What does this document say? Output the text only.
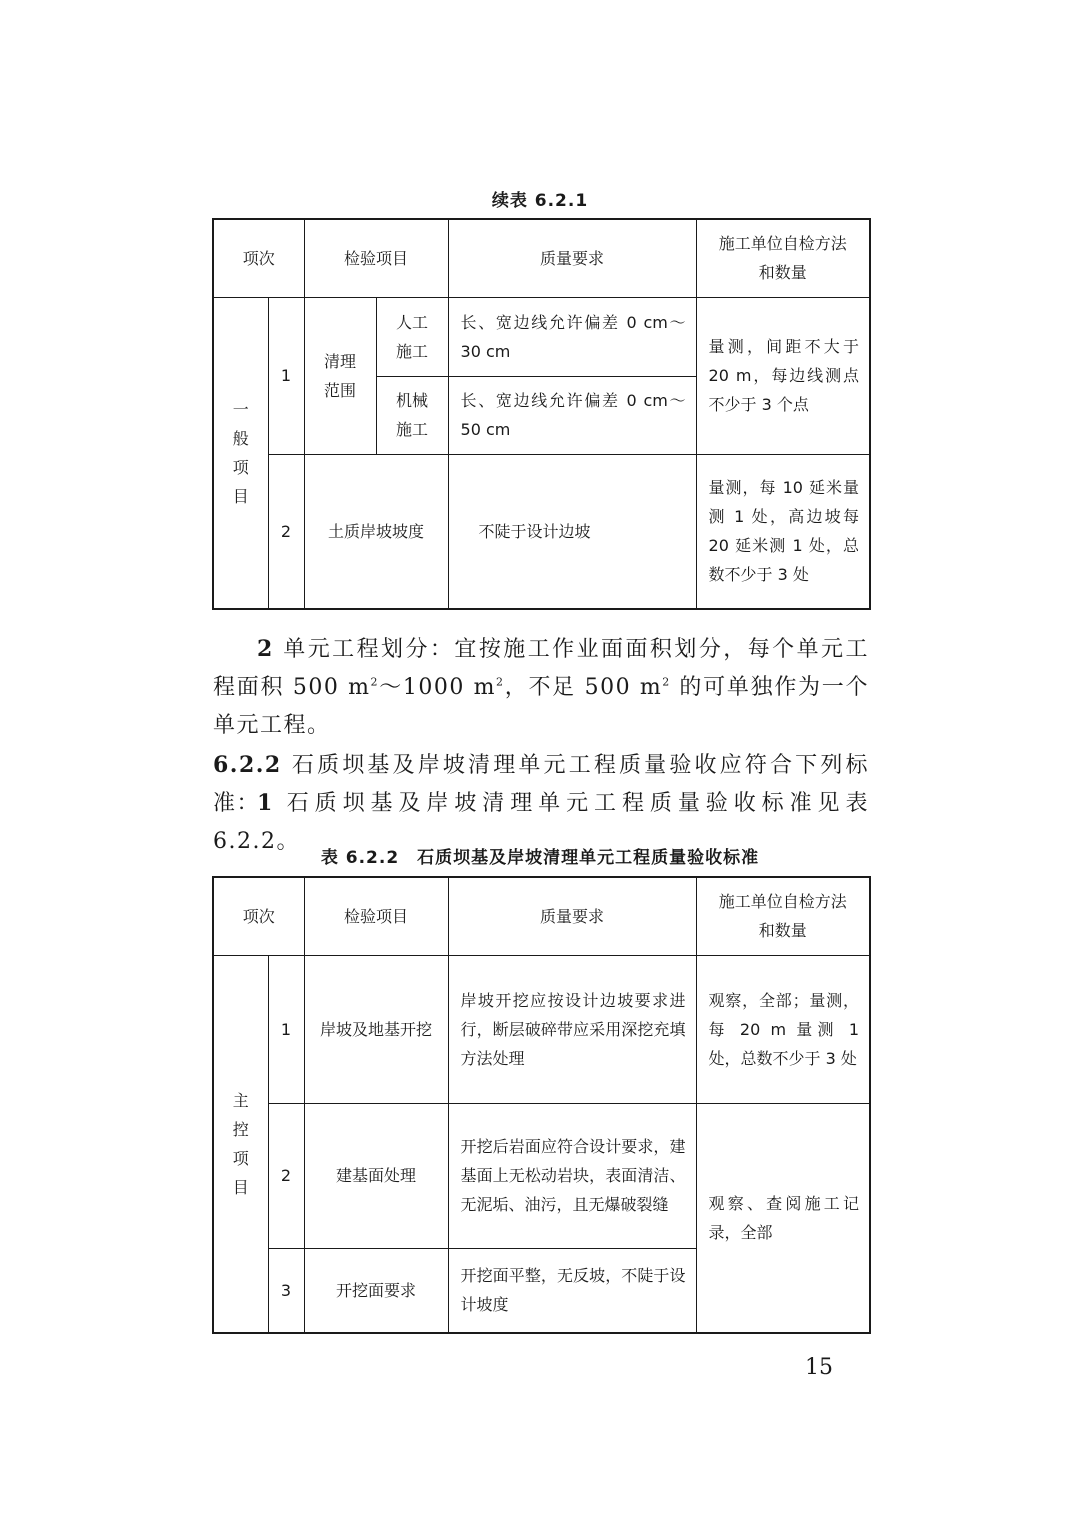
续表 6.2.1
项次		检验项目		质量要求	施工单位自检方法和数量
一般项目	1	清理范围	人工施工	长、宽边线允许偏差 0 cm～30 cm	量测，间距不大于 20 m，每边线测点不少于 3 个点
			机械施工	长、宽边线允许偏差 0 cm～50 cm	
	2	土质岸坡坡度		不陡于设计边坡	量测，每 10 延米量测 1 处，高边坡每 20 延米测 1 处，总数不少于 3 处
2 单元工程划分：宜按施工作业面面积划分，每个单元工程面积 500 $m^2\sim 1000$ $m^2$，不足 500 $m^2$ 的可单独作为一个单元工程。
6.2.2 石质坝基及岸坡清理单元工程质量验收应符合下列标准：
1 石质坝基及岸坡清理单元工程质量验收标准见表 6.2.2。
表 6.2.2　石质坝基及岸坡清理单元工程质量验收标准
项次		检验项目	质量要求	施工单位自检方法和数量
主控项目	1	岸坡及地基开挖	岸坡开挖应按设计边坡要求进行，断层破碎带应采用深挖充填方法处理	观察，全部；量测，每 20 m 量测 1 处，总数不少于 3 处
	2	建基面处理	开挖后岩面应符合设计要求，建基面上无松动岩块，表面清洁、无泥垢、油污，且无爆破裂缝	观察、查阅施工记录，全部
	3	开挖面要求	开挖面平整，无反坡，不陡于设计坡度	
15
